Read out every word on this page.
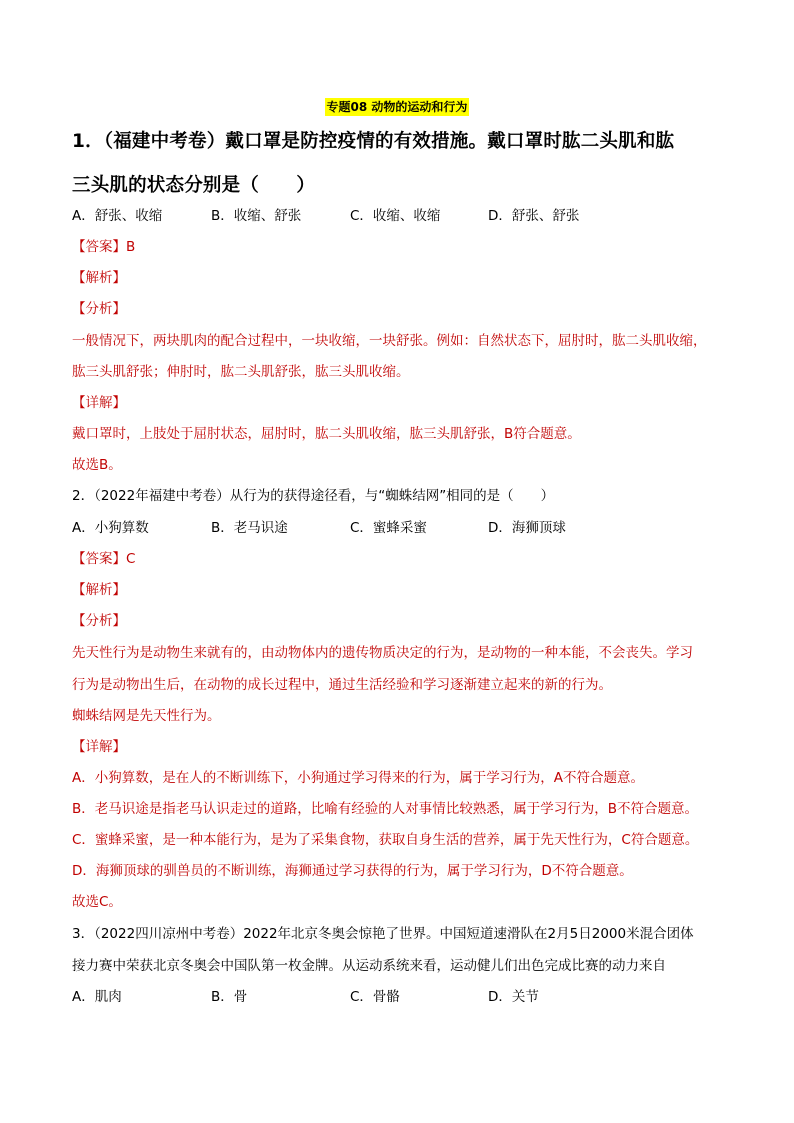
专题08 动物的运动和行为
1．（福建中考卷）戴口罩是防控疫情的有效措施。戴口罩时肱二头肌和肱
三头肌的状态分别是（　　）
A．舒张、收缩	B．收缩、舒张	C．收缩、收缩	D．舒张、舒张
【答案】B
【解析】
【分析】
一般情况下，两块肌肉的配合过程中，一块收缩，一块舒张。例如：自然状态下，屈肘时，肱二头肌收缩，
肱三头肌舒张；伸肘时，肱二头肌舒张，肱三头肌收缩。
【详解】
戴口罩时，上肢处于屈肘状态，屈肘时，肱二头肌收缩，肱三头肌舒张，B符合题意。
故选B。
2．（2022年福建中考卷）从行为的获得途径看，与“蜘蛛结网”相同的是（　　）
A．小狗算数	B．老马识途	C．蜜蜂采蜜	D．海狮顶球
【答案】C
【解析】
【分析】
先天性行为是动物生来就有的，由动物体内的遗传物质决定的行为，是动物的一种本能，不会丧失。学习
行为是动物出生后，在动物的成长过程中，通过生活经验和学习逐渐建立起来的新的行为。
蜘蛛结网是先天性行为。
【详解】
A．小狗算数，是在人的不断训练下，小狗通过学习得来的行为，属于学习行为，A不符合题意。
B．老马识途是指老马认识走过的道路，比喻有经验的人对事情比较熟悉，属于学习行为，B不符合题意。
C．蜜蜂采蜜，是一种本能行为，是为了采集食物，获取自身生活的营养，属于先天性行为，C符合题意。
D．海狮顶球的驯兽员的不断训练，海狮通过学习获得的行为，属于学习行为，D不符合题意。
故选C。
3．（2022四川凉州中考卷）2022年北京冬奥会惊艳了世界。中国短道速滑队在2月5日2000米混合团体
接力赛中荣获北京冬奥会中国队第一枚金牌。从运动系统来看，运动健儿们出色完成比赛的动力来自
A．肌肉	B．骨	C．骨骼	D．关节
